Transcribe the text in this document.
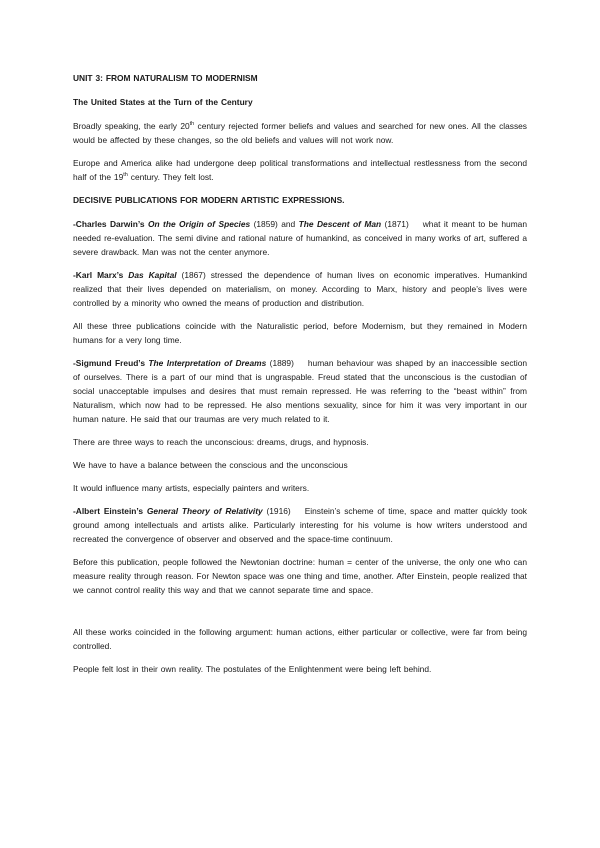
UNIT 3: FROM NATURALISM TO MODERNISM

The United States at the Turn of the Century

Broadly speaking, the early 20th century rejected former beliefs and values and searched for new ones. All the classes would be affected by these changes, so the old beliefs and values will not work now.

Europe and America alike had undergone deep political transformations and intellectual restlessness from the second half of the 19th century. They felt lost.

DECISIVE PUBLICATIONS FOR MODERN ARTISTIC EXPRESSIONS.

-Charles Darwin’s On the Origin of Species (1859) and The Descent of Man (1871) what it meant to be human needed re-evaluation. The semi divine and rational nature of humankind, as conceived in many works of art, suffered a severe drawback. Man was not the center anymore.

-Karl Marx’s Das Kapital (1867) stressed the dependence of human lives on economic imperatives. Humankind realized that their lives depended on materialism, on money. According to Marx, history and people’s lives were controlled by a minority who owned the means of production and distribution.

All these three publications coincide with the Naturalistic period, before Modernism, but they remained in Modern humans for a very long time.

-Sigmund Freud’s The Interpretation of Dreams (1889) human behaviour was shaped by an inaccessible section of ourselves. There is a part of our mind that is ungraspable. Freud stated that the unconscious is the custodian of social unacceptable impulses and desires that must remain repressed. He was referring to the “beast within” from Naturalism, which now had to be repressed. He also mentions sexuality, since for him it was very important in our human nature. He said that our traumas are very much related to it.

There are three ways to reach the unconscious: dreams, drugs, and hypnosis.

We have to have a balance between the conscious and the unconscious

It would influence many artists, especially painters and writers.

-Albert Einstein’s General Theory of Relativity (1916) Einstein’s scheme of time, space and matter quickly took ground among intellectuals and artists alike. Particularly interesting for his volume is how writers understood and recreated the convergence of observer and observed and the space-time continuum.

Before this publication, people followed the Newtonian doctrine: human = center of the universe, the only one who can measure reality through reason. For Newton space was one thing and time, another. After Einstein, people realized that we cannot control reality this way and that we cannot separate time and space.

All these works coincided in the following argument: human actions, either particular or collective, were far from being controlled.

People felt lost in their own reality. The postulates of the Enlightenment were being left behind.
